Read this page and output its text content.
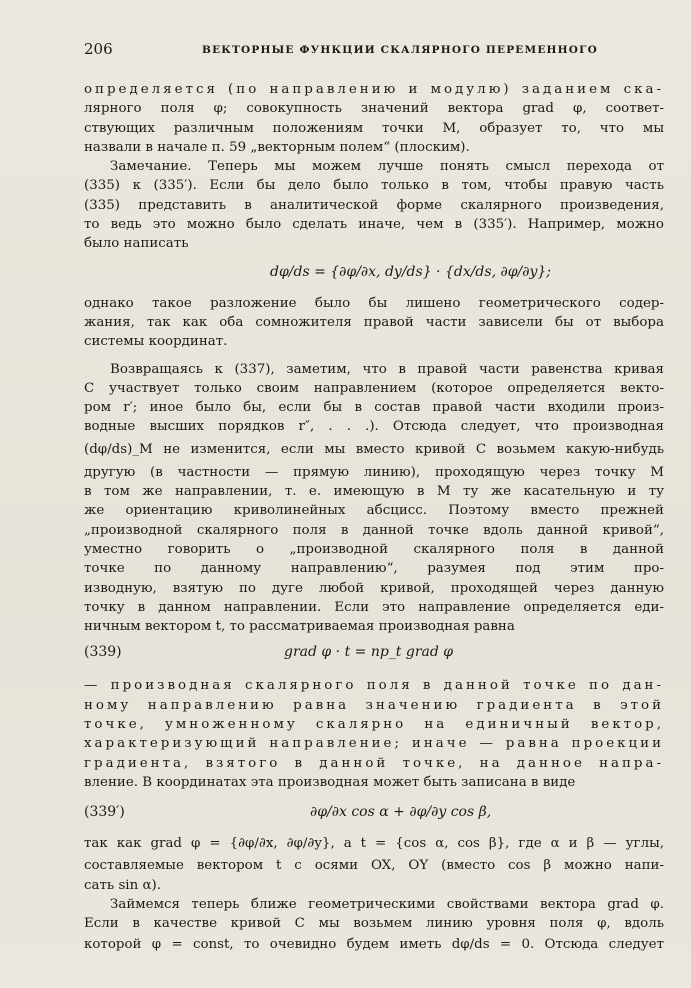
206	ВЕКТОРНЫЕ ФУНКЦИИ СКАЛЯРНОГО ПЕРЕМЕННОГО

определяется (по направлению и модулю) заданием ска-

лярного поля φ; совокупность значений вектора grad φ, соответ-

ствующих различным положениям точки M, образует то, что мы

назвали в начале п. 59 „векторным полем“ (плоским).

Замечание. Теперь мы можем лучше понять смысл перехода от

(335) к (335′). Если бы дело было только в том, чтобы правую часть

(335) представить в аналитической форме скалярного произведения,

то ведь это можно было сделать иначе, чем в (335′). Например, можно

было написать

dφ/ds = {∂φ/∂x, dy/ds} · {dx/ds, ∂φ/∂y};

однако такое разложение было бы лишено геометрического содер-

жания, так как оба сомножителя правой части зависели бы от выбора

системы координат.

Возвращаясь к (337), заметим, что в правой части равенства кривая

C участвует только своим направлением (которое определяется векто-

ром r′; иное было бы, если бы в состав правой части входили произ-

водные высших порядков r″, . . .). Отсюда следует, что производная

(dφ/ds)_M не изменится, если мы вместо кривой C возьмем какую-нибудь

другую (в частности — прямую линию), проходящую через точку M

в том же направлении, т. е. имеющую в M ту же касательную и ту

же ориентацию криволинейных абсцисс. Поэтому вместо прежней

„производной скалярного поля в данной точке вдоль данной кривой“,

уместно говорить о „производной скалярного поля в данной

точке по данному направлению“, разумея под этим про-

изводную, взятую по дуге любой кривой, проходящей через данную

точку в данном направлении. Если это направление определяется еди-

ничным вектором t, то рассматриваемая производная равна

(339)	grad φ · t = пр_t grad φ

— производная скалярного поля в данной точке по дан-

ному направлению равна значению градиента в этой

точке, умноженному скалярно на единичный вектор,

характеризующий направление; иначе — равна проекции

градиента, взятого в данной точке, на данное напра-

вление. В координатах эта производная может быть записана в виде

(339′)	∂φ/∂x cos α + ∂φ/∂y cos β,

так как grad φ = {∂φ/∂x, ∂φ/∂y}, а t = {cos α, cos β}, где α и β — углы,

составляемые вектором t с осями OX, OY (вместо cos β можно напи-

сать sin α).

Займемся теперь ближе геометрическими свойствами вектора grad φ.

Если в качестве кривой C мы возьмем линию уровня поля φ, вдоль

которой φ = const, то очевидно будем иметь dφ/ds = 0. Отсюда следует
